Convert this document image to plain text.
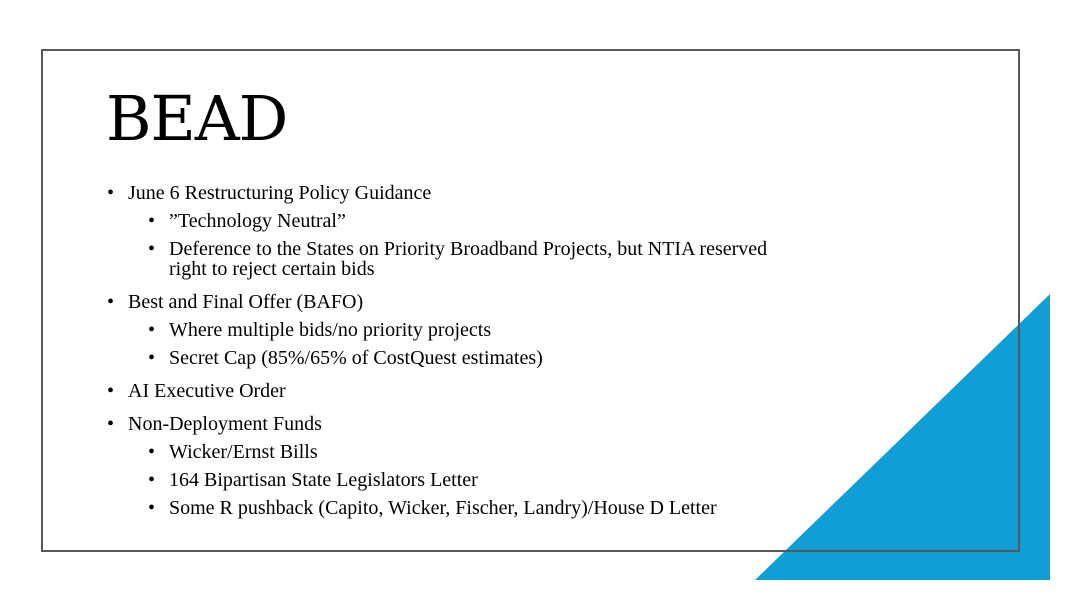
BEAD
• June 6 Restructuring Policy Guidance
• ”Technology Neutral”
• Deference to the States on Priority Broadband Projects, but NTIA reserved right to reject certain bids
• Best and Final Offer (BAFO)
• Where multiple bids/no priority projects
• Secret Cap (85%/65% of CostQuest estimates)
• AI Executive Order
• Non-Deployment Funds
• Wicker/Ernst Bills
• 164 Bipartisan State Legislators Letter
• Some R pushback (Capito, Wicker, Fischer, Landry)/House D Letter
